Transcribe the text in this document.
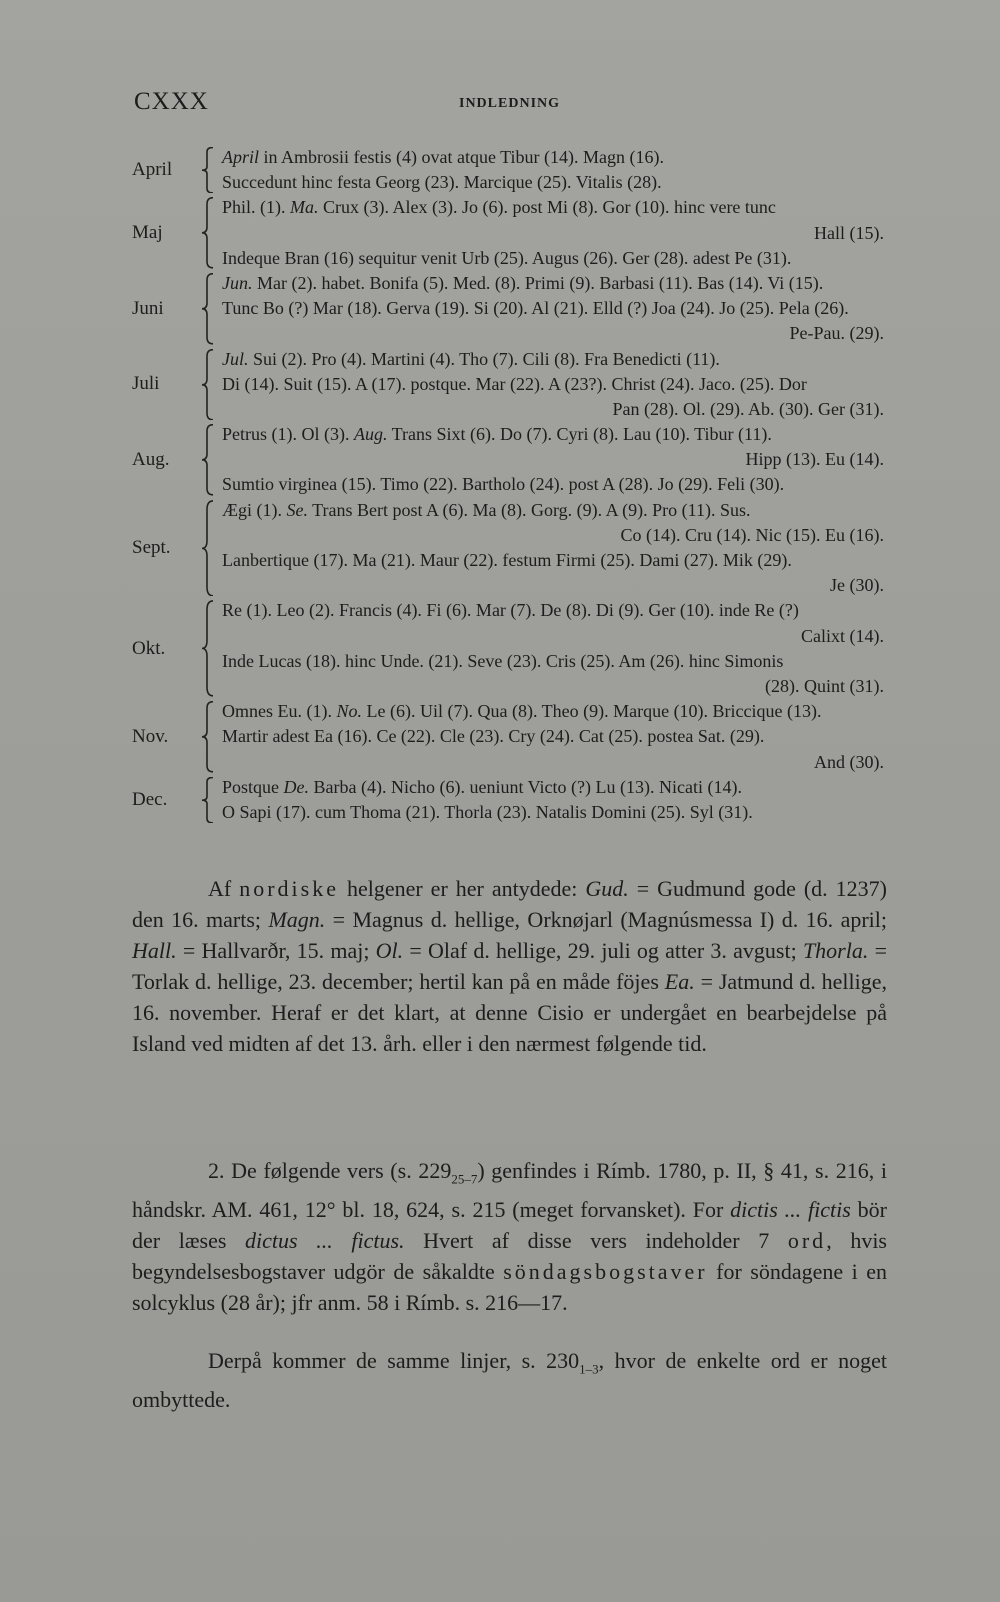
CXXX	INDLEDNING
April
April in Ambrosii festis (4) ovat atque Tibur (14). Magn (16).
Succedunt hinc festa Georg (23). Marcique (25). Vitalis (28).
Maj
Phil. (1). Ma. Crux (3). Alex (3). Jo (6). post Mi (8). Gor (10). hinc vere tunc
Hall (15).
Indeque Bran (16) sequitur venit Urb (25). Augus (26). Ger (28). adest Pe (31).
Juni
Jun. Mar (2). habet. Bonifa (5). Med. (8). Primi (9). Barbasi (11). Bas (14). Vi (15).
Tunc Bo (?) Mar (18). Gerva (19). Si (20). Al (21). Elld (?) Joa (24). Jo (25). Pela (26).
Pe-Pau. (29).
Juli
Jul. Sui (2). Pro (4). Martini (4). Tho (7). Cili (8). Fra Benedicti (11).
Di (14). Suit (15). A (17). postque. Mar (22). A (23?). Christ (24). Jaco. (25). Dor
Pan (28). Ol. (29). Ab. (30). Ger (31).
Aug.
Petrus (1). Ol (3). Aug. Trans Sixt (6). Do (7). Cyri (8). Lau (10). Tibur (11).
Hipp (13). Eu (14).
Sumtio virginea (15). Timo (22). Bartholo (24). post A (28). Jo (29). Feli (30).
Sept.
Ægi (1). Se. Trans Bert post A (6). Ma (8). Gorg. (9). A (9). Pro (11). Sus.
Co (14). Cru (14). Nic (15). Eu (16).
Lanbertique (17). Ma (21). Maur (22). festum Firmi (25). Dami (27). Mik (29).
Je (30).
Okt.
Re (1). Leo (2). Francis (4). Fi (6). Mar (7). De (8). Di (9). Ger (10). inde Re (?)
Calixt (14).
Inde Lucas (18). hinc Unde. (21). Seve (23). Cris (25). Am (26). hinc Simonis
(28). Quint (31).
Nov.
Omnes Eu. (1). No. Le (6). Uil (7). Qua (8). Theo (9). Marque (10). Briccique (13).
Martir adest Ea (16). Ce (22). Cle (23). Cry (24). Cat (25). postea Sat. (29).
And (30).
Dec.
Postque De. Barba (4). Nicho (6). ueniunt Victo (?) Lu (13). Nicati (14).
O Sapi (17). cum Thoma (21). Thorla (23). Natalis Domini (25). Syl (31).

Af nordiske helgener er her antydede: Gud. = Gudmund gode (d. 1237) den 16. marts; Magn. = Magnus d. hellige, Orknøjarl (Magnúsmessa I) d. 16. april; Hall. = Hallvarðr, 15. maj; Ol. = Olaf d. hellige, 29. juli og atter 3. avgust; Thorla. = Torlak d. hellige, 23. december; hertil kan på en måde föjes Ea. = Jatmund d. hellige, 16. november. Heraf er det klart, at denne Cisio er undergået en bearbejdelse på Island ved midten af det 13. årh. eller i den nærmest følgende tid.

2. De følgende vers (s. $229_{25-7}$) genfindes i Rímb. 1780, p. II, § 41, s. 216, i håndskr. AM. 461, 12° bl. 18, 624, s. 215 (meget forvansket). For dictis ... fictis bör der læses dictus ... fictus. Hvert af disse vers indeholder 7 ord, hvis begyndelsesbogstaver udgör de såkaldte söndagsbogstaver for söndagene i en solcyklus (28 år); jfr anm. 58 i Rímb. s. 216—17.

Derpå kommer de samme linjer, s. $230_{1-3}$, hvor de enkelte ord er noget ombyttede.
